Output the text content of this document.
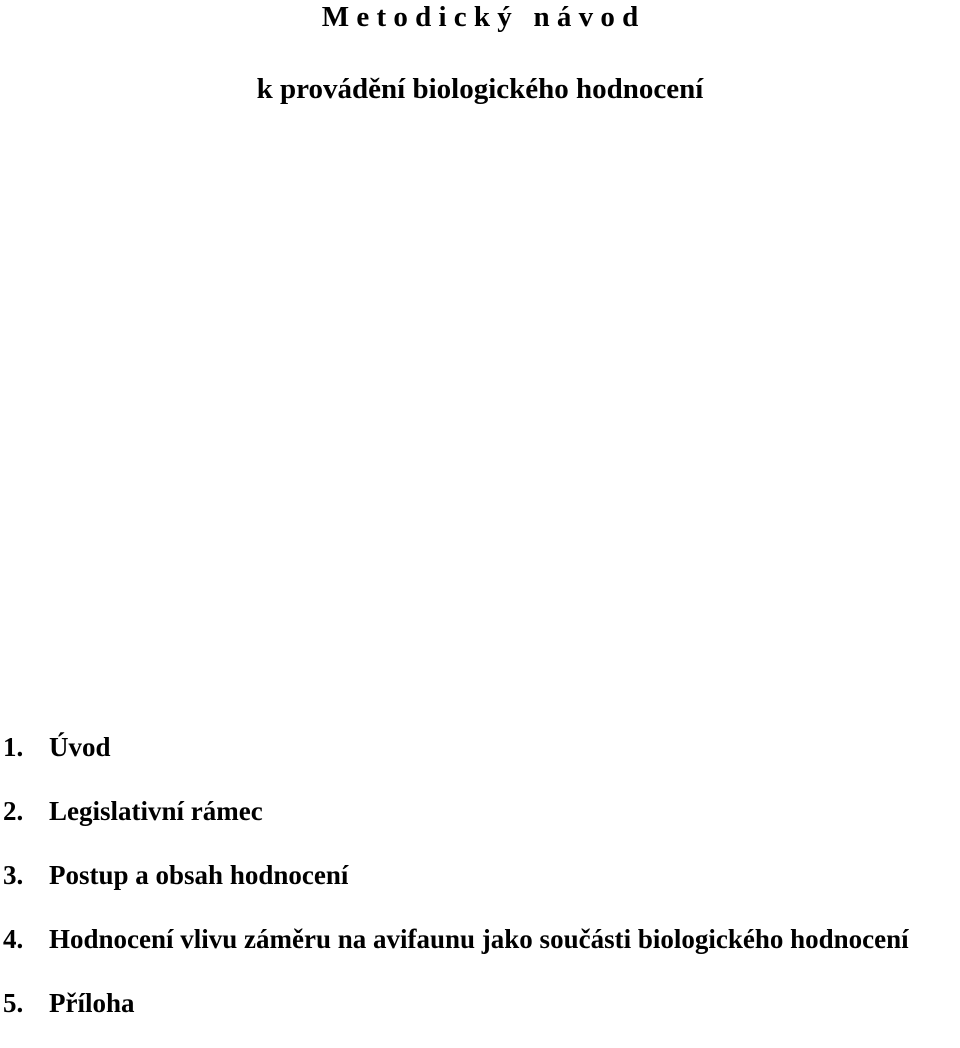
M e t o d i c k ý   n á v o d
k provádění biologického hodnocení
1. Úvod
2. Legislativní rámec
3. Postup a obsah hodnocení
4. Hodnocení vlivu záměru na avifaunu jako součásti biologického hodnocení
5. Příloha
